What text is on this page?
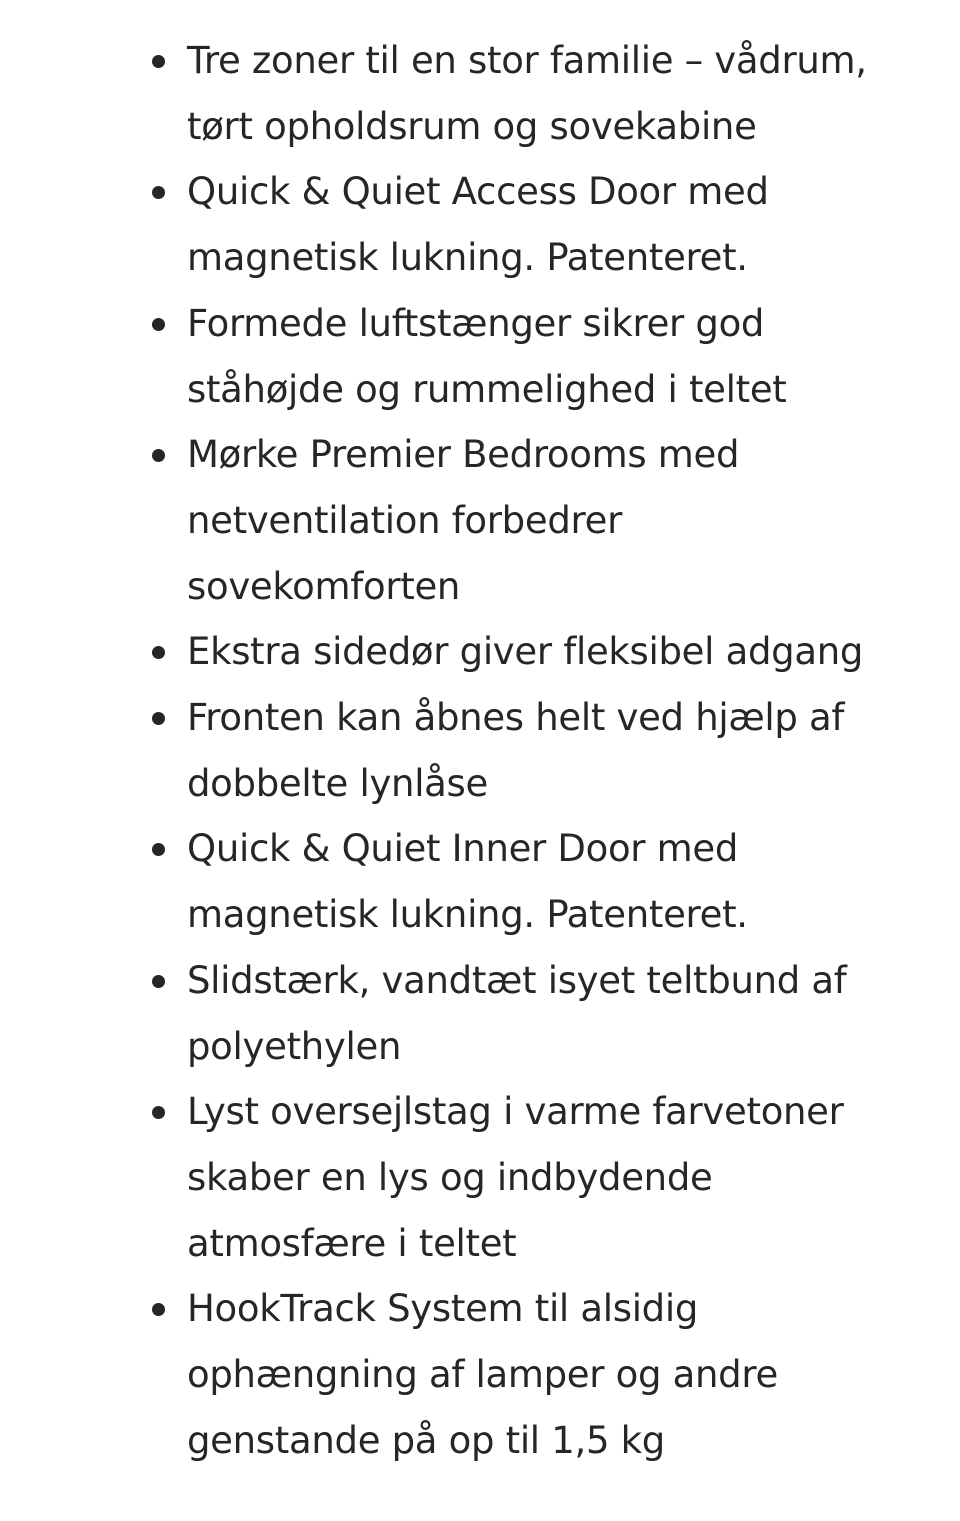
Tre zoner til en stor familie – vådrum,
tørt opholdsrum og sovekabine
Quick & Quiet Access Door med
magnetisk lukning. Patenteret.
Formede luftstænger sikrer god
ståhøjde og rummelighed i teltet
Mørke Premier Bedrooms med
netventilation forbedrer
sovekomforten
Ekstra sidedør giver fleksibel adgang
Fronten kan åbnes helt ved hjælp af
dobbelte lynlåse
Quick & Quiet Inner Door med
magnetisk lukning. Patenteret.
Slidstærk, vandtæt isyet teltbund af
polyethylen
Lyst oversejlstag i varme farvetoner
skaber en lys og indbydende
atmosfære i teltet
HookTrack System til alsidig
ophængning af lamper og andre
genstande på op til 1,5 kg
